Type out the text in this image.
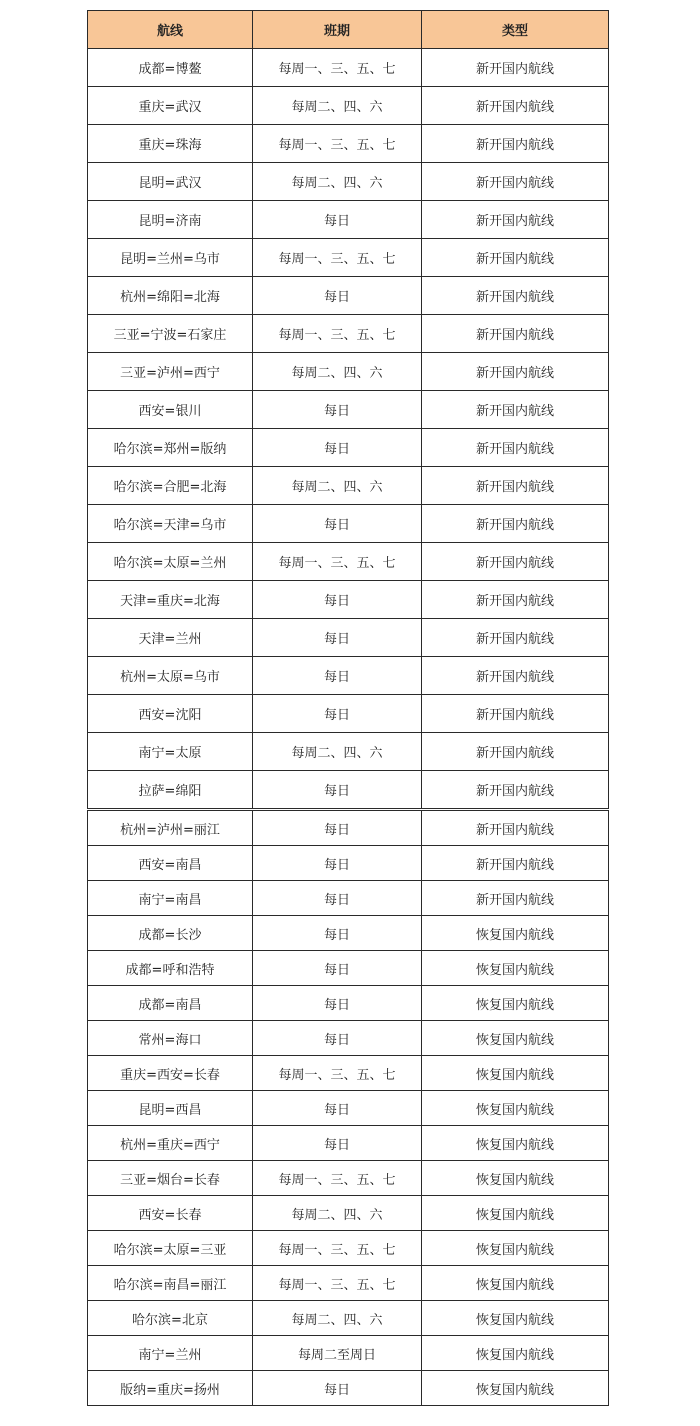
航线	班期	类型
成都=博鳌	每周一、三、五、七	新开国内航线
重庆=武汉	每周二、四、六	新开国内航线
重庆=珠海	每周一、三、五、七	新开国内航线
昆明=武汉	每周二、四、六	新开国内航线
昆明=济南	每日	新开国内航线
昆明=兰州=乌市	每周一、三、五、七	新开国内航线
杭州=绵阳=北海	每日	新开国内航线
三亚=宁波=石家庄	每周一、三、五、七	新开国内航线
三亚=泸州=西宁	每周二、四、六	新开国内航线
西安=银川	每日	新开国内航线
哈尔滨=郑州=版纳	每日	新开国内航线
哈尔滨=合肥=北海	每周二、四、六	新开国内航线
哈尔滨=天津=乌市	每日	新开国内航线
哈尔滨=太原=兰州	每周一、三、五、七	新开国内航线
天津=重庆=北海	每日	新开国内航线
天津=兰州	每日	新开国内航线
杭州=太原=乌市	每日	新开国内航线
西安=沈阳	每日	新开国内航线
南宁=太原	每周二、四、六	新开国内航线
拉萨=绵阳	每日	新开国内航线
杭州=泸州=丽江	每日	新开国内航线
西安=南昌	每日	新开国内航线
南宁=南昌	每日	新开国内航线
成都=长沙	每日	恢复国内航线
成都=呼和浩特	每日	恢复国内航线
成都=南昌	每日	恢复国内航线
常州=海口	每日	恢复国内航线
重庆=西安=长春	每周一、三、五、七	恢复国内航线
昆明=西昌	每日	恢复国内航线
杭州=重庆=西宁	每日	恢复国内航线
三亚=烟台=长春	每周一、三、五、七	恢复国内航线
西安=长春	每周二、四、六	恢复国内航线
哈尔滨=太原=三亚	每周一、三、五、七	恢复国内航线
哈尔滨=南昌=丽江	每周一、三、五、七	恢复国内航线
哈尔滨=北京	每周二、四、六	恢复国内航线
南宁=兰州	每周二至周日	恢复国内航线
版纳=重庆=扬州	每日	恢复国内航线
